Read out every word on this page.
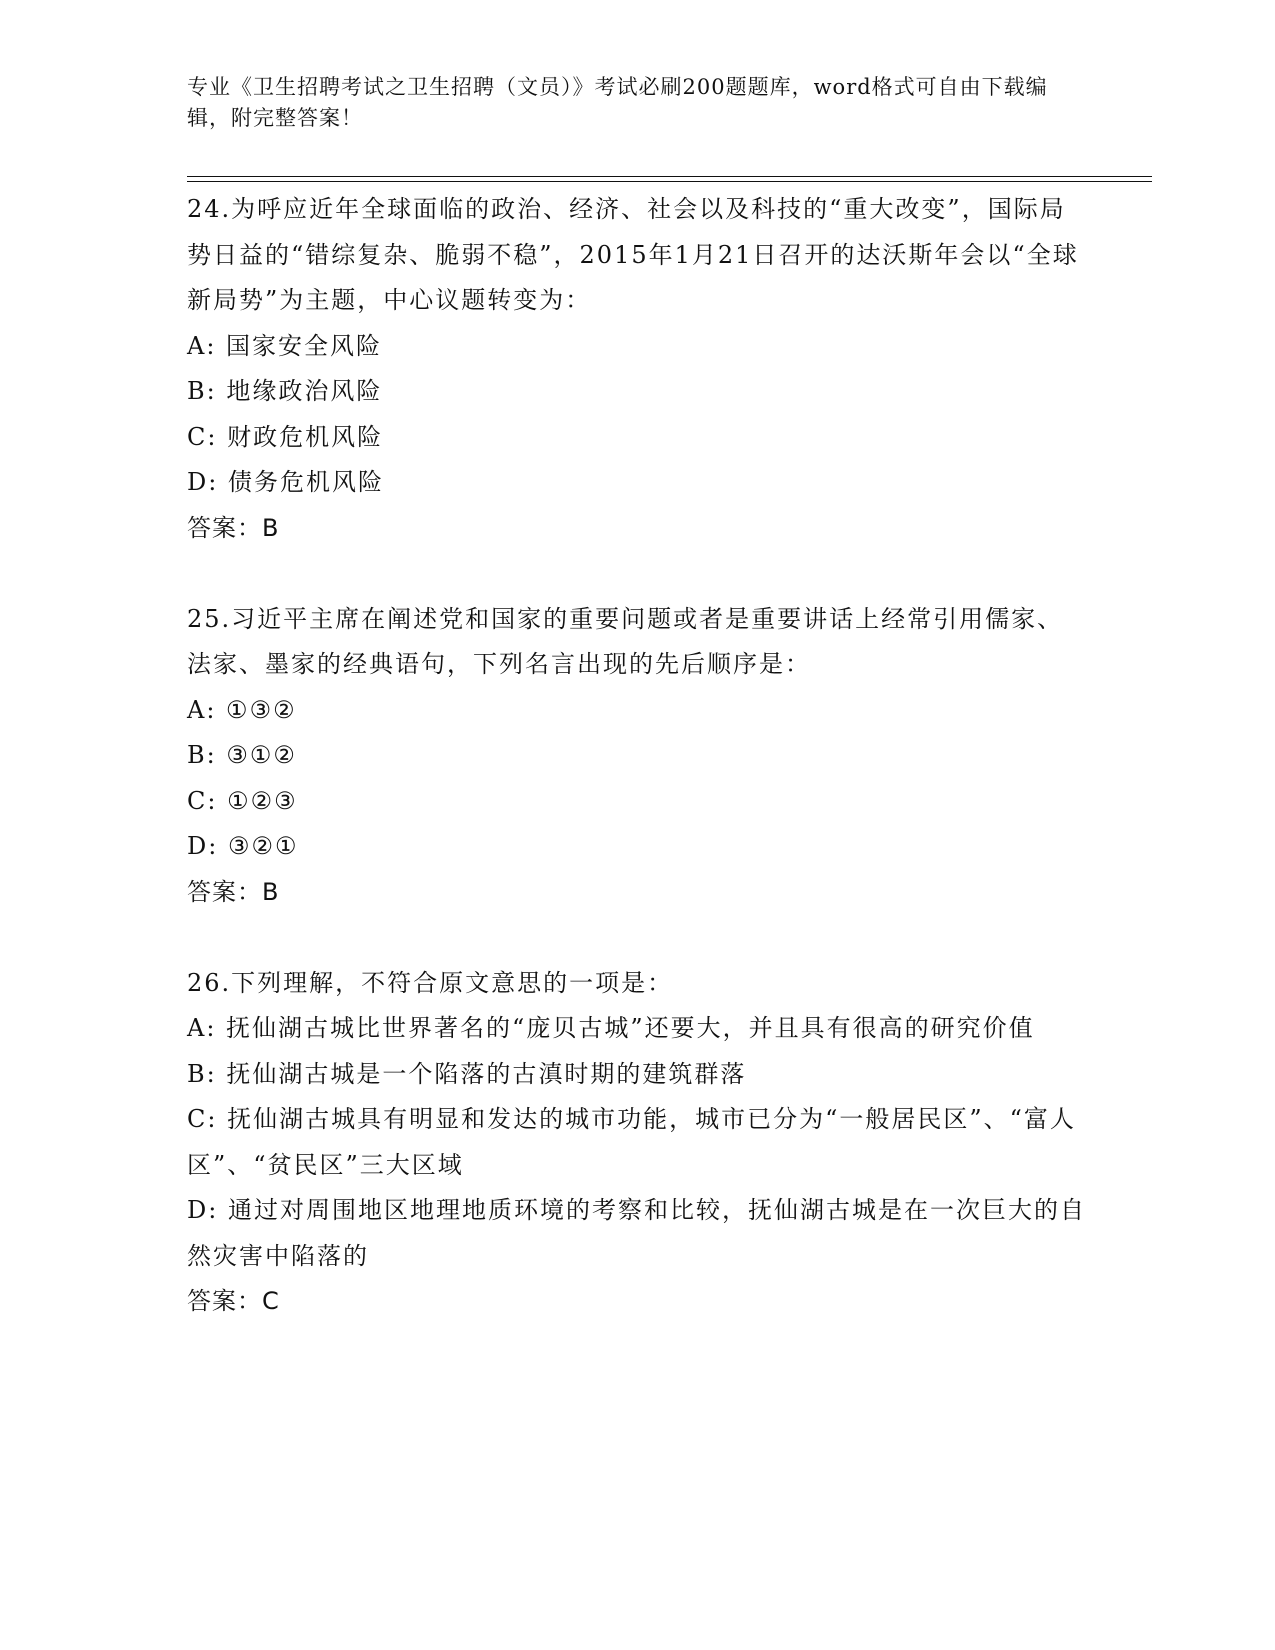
专业《卫生招聘考试之卫生招聘（文员）》考试必刷200题题库，word格式可自由下载编辑，附完整答案！
24.为呼应近年全球面临的政治、经济、社会以及科技的“重大改变”，国际局势日益的“错综复杂、脆弱不稳”，2015年1月21日召开的达沃斯年会以“全球新局势”为主题，中心议题转变为：
A: 国家安全风险
B: 地缘政治风险
C: 财政危机风险
D: 债务危机风险
答案：B
25.习近平主席在阐述党和国家的重要问题或者是重要讲话上经常引用儒家、法家、墨家的经典语句，下列名言出现的先后顺序是：
A: ①③②
B: ③①②
C: ①②③
D: ③②①
答案：B
26.下列理解，不符合原文意思的一项是：
A: 抚仙湖古城比世界著名的“庞贝古城”还要大，并且具有很高的研究价值
B: 抚仙湖古城是一个陷落的古滇时期的建筑群落
C: 抚仙湖古城具有明显和发达的城市功能，城市已分为“一般居民区”、“富人区”、“贫民区”三大区域
D: 通过对周围地区地理地质环境的考察和比较，抚仙湖古城是在一次巨大的自然灾害中陷落的
答案：C
